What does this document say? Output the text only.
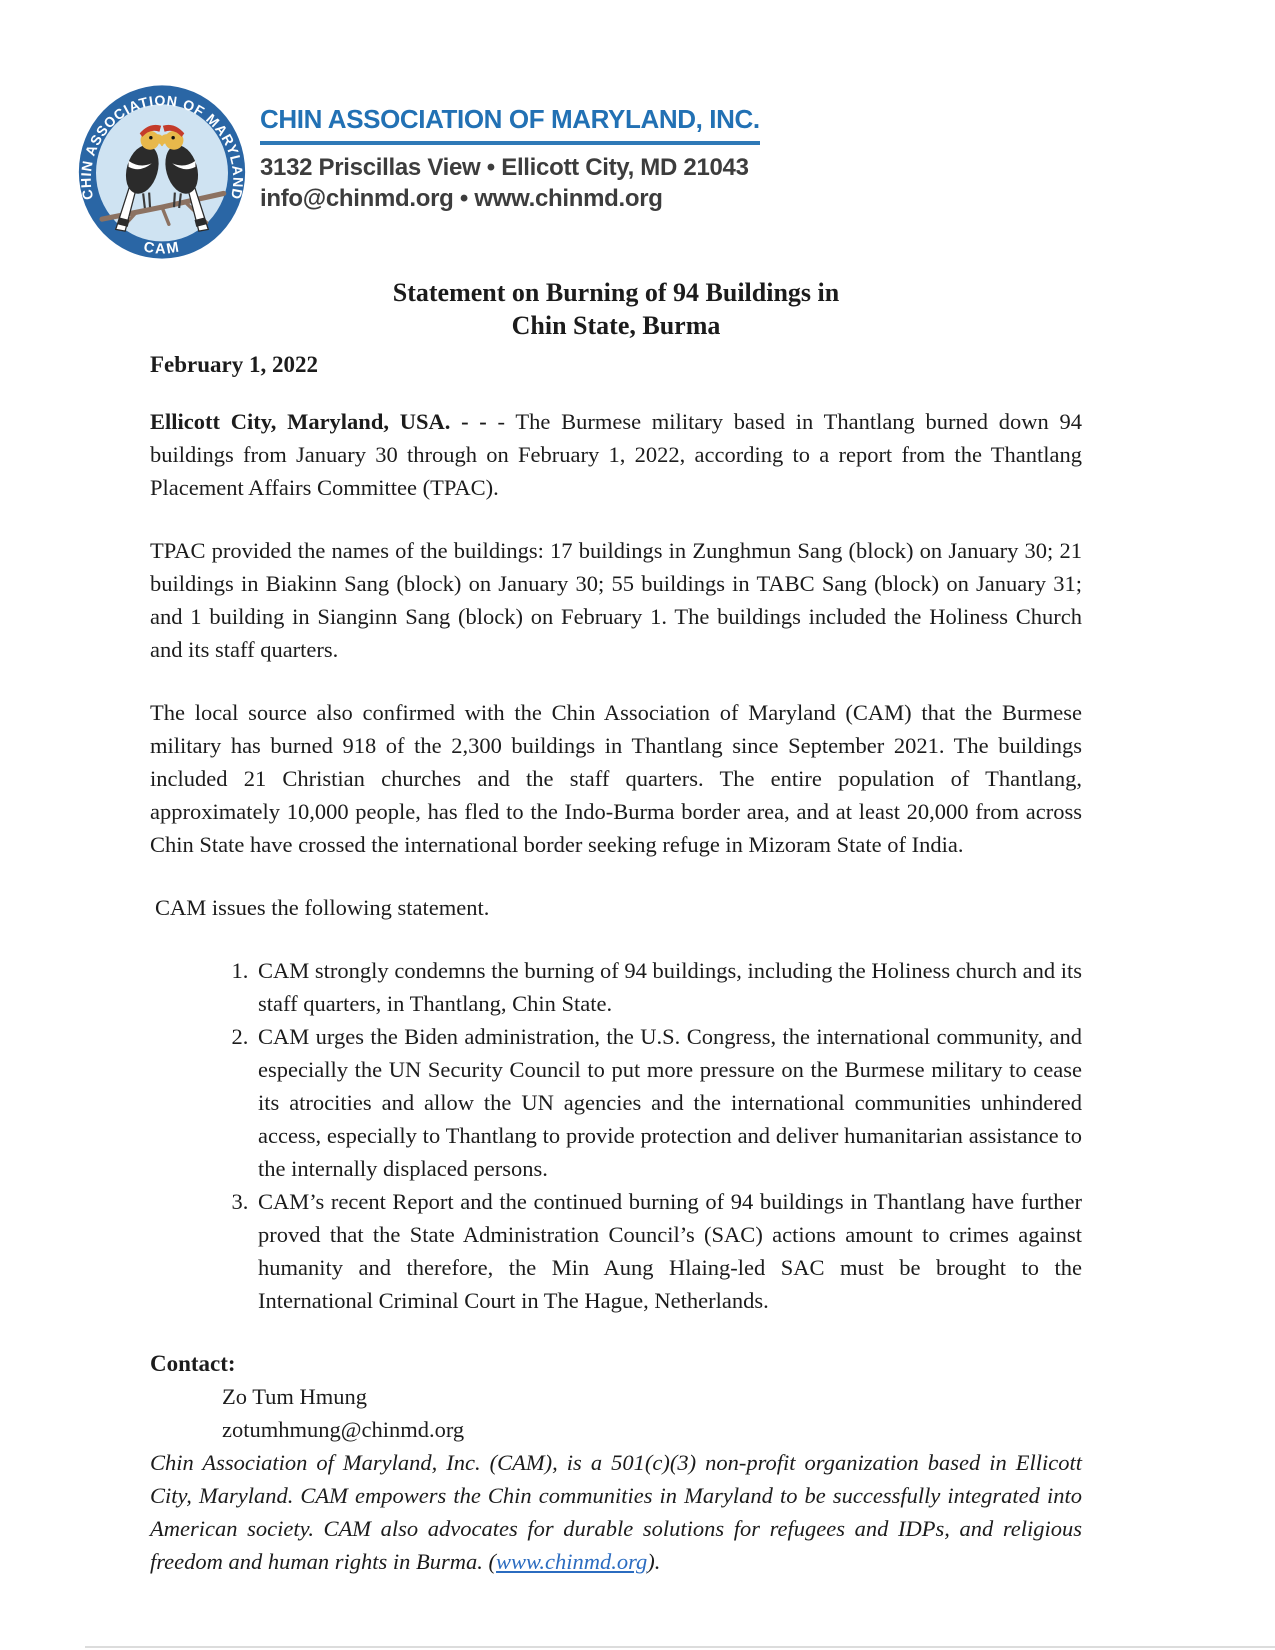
CHIN ASSOCIATION OF MARYLAND
CAM
CHIN ASSOCIATION OF MARYLAND, INC.
3132 Priscillas View • Ellicott City, MD 21043
info@chinmd.org • www.chinmd.org
Statement on Burning of 94 Buildings in
Chin State, Burma
February 1, 2022

Ellicott City, Maryland, USA. - - - The Burmese military based in Thantlang burned down 94 buildings from January 30 through on February 1, 2022, according to a report from the Thantlang Placement Affairs Committee (TPAC).

TPAC provided the names of the buildings: 17 buildings in Zunghmun Sang (block) on January 30; 21 buildings in Biakinn Sang (block) on January 30; 55 buildings in TABC Sang (block) on January 31; and 1 building in Sianginn Sang (block) on February 1. The buildings included the Holiness Church and its staff quarters.

The local source also confirmed with the Chin Association of Maryland (CAM) that the Burmese military has burned 918 of the 2,300 buildings in Thantlang since September 2021. The buildings included 21 Christian churches and the staff quarters. The entire population of Thantlang, approximately 10,000 people, has fled to the Indo-Burma border area, and at least 20,000 from across Chin State have crossed the international border seeking refuge in Mizoram State of India.

CAM issues the following statement.

1. CAM strongly condemns the burning of 94 buildings, including the Holiness church and its staff quarters, in Thantlang, Chin State.
2. CAM urges the Biden administration, the U.S. Congress, the international community, and especially the UN Security Council to put more pressure on the Burmese military to cease its atrocities and allow the UN agencies and the international communities unhindered access, especially to Thantlang to provide protection and deliver humanitarian assistance to the internally displaced persons.
3. CAM’s recent Report and the continued burning of 94 buildings in Thantlang have further proved that the State Administration Council’s (SAC) actions amount to crimes against humanity and therefore, the Min Aung Hlaing-led SAC must be brought to the International Criminal Court in The Hague, Netherlands.
Contact:
Zo Tum Hmung
zotumhmung@chinmd.org

Chin Association of Maryland, Inc. (CAM), is a 501(c)(3) non-profit organization based in Ellicott City, Maryland. CAM empowers the Chin communities in Maryland to be successfully integrated into American society. CAM also advocates for durable solutions for refugees and IDPs, and religious freedom and human rights in Burma. (www.chinmd.org).
